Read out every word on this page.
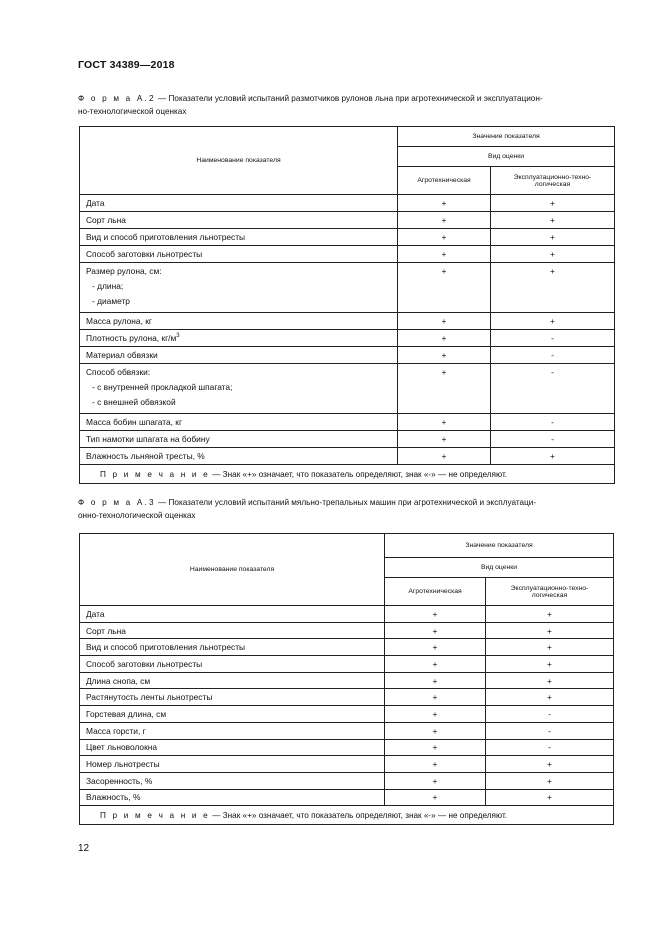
ГОСТ 34389—2018
Ф о р м а А.2 — Показатели условий испытаний размотчиков рулонов льна при агротехнической и эксплуатацион-
но-технологической оценках
Наименование показателя	Значение показателя	
	Вид оценки	
	Агротехническая	Эксплуатационно-техно-
логическая
Дата	+	+
Сорт льна	+	+
Вид и способ приготовления льнотресты	+	+
Способ заготовки льнотресты	+	+
Размер рулона, см:
- длина;
- диаметр	+	+
Масса рулона, кг	+	+
Плотность рулона, $кг/м^3$	+	-
Материал обвязки	+	-
Способ обвязки:
- с внутренней прокладкой шпагата;
- с внешней обвязкой	+	-
Масса бобин шпагата, кг	+	-
Тип намотки шпагата на бобину	+	-
Влажность льняной тресты, %	+	+
П р и м е ч а н и е — Знак «+» означает, что показатель определяют, знак «-» — не определяют.		
Ф о р м а А.3 — Показатели условий испытаний мяльно-трепальных машин при агротехнической и эксплуатаци-
онно-технологической оценках
Наименование показателя	Значение показателя	
	Вид оценки	
	Агротехническая	Эксплуатационно-техно-
логическая
Дата	+	+
Сорт льна	+	+
Вид и способ приготовления льнотресты	+	+
Способ заготовки льнотресты	+	+
Длина снопа, см	+	+
Растянутость ленты льнотресты	+	+
Горстевая длина, см	+	-
Масса горсти, г	+	-
Цвет льноволокна	+	-
Номер льнотресты	+	+
Засоренность, %	+	+
Влажность, %	+	+
П р и м е ч а н и е — Знак «+» означает, что показатель определяют, знак «-» — не определяют.		
12
